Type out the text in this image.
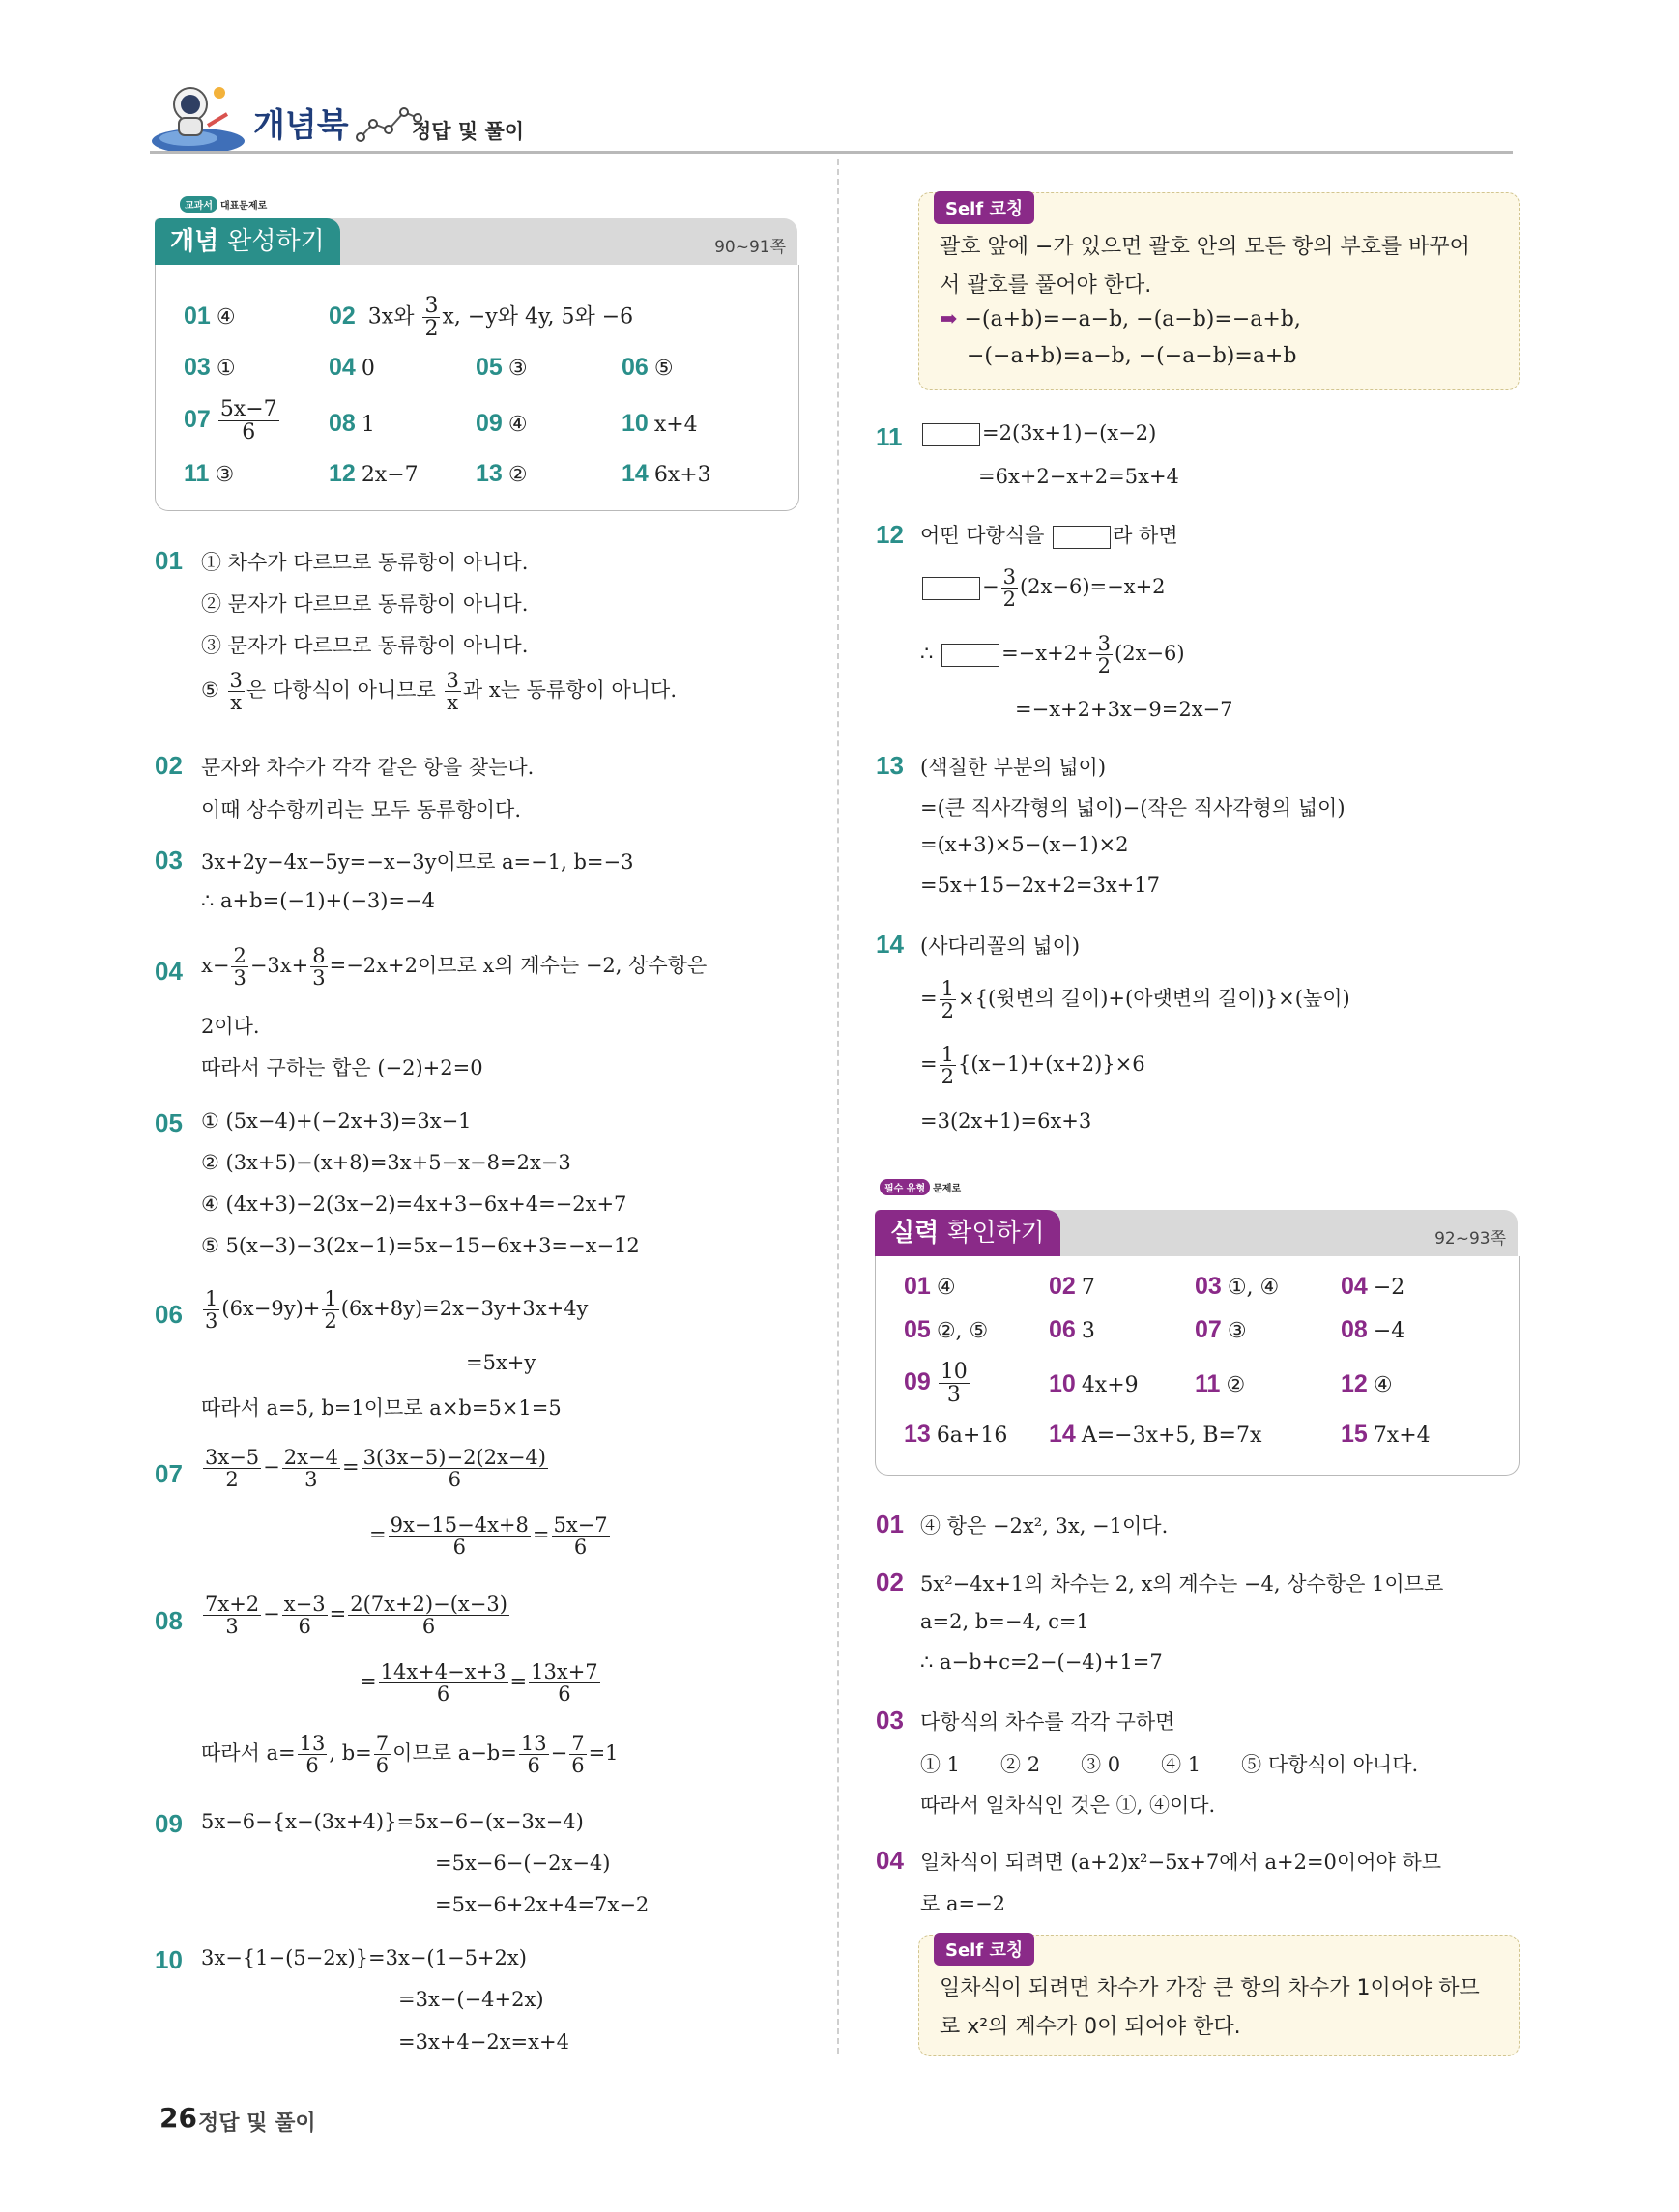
개념북	정답 및 풀이
교과서 대표문제로
개념 완성하기	90~91쪽
01 ④	02 3x와 $\frac{3}{2} x$, −y와 4y, 5와 −6
03 ①	04 0	05 ③	06 ⑤
$07 \frac{5x-7}{6} 08$ 1	09 ④	10 x+4
11 ③	12 2x−7 13 ②	14 6x+3
01 ① 차수가 다르므로 동류항이 아니다.
② 문자가 다르므로 동류항이 아니다.
③ 문자가 다르므로 동류항이 아니다.
⑤ $\frac{3}{x}$ 은 다항식이 아니므로 $\frac{3}{x}$ 과 x는 동류항이 아니다.
02 문자와 차수가 각각 같은 항을 찾는다.
이때 상수항끼리는 모두 동류항이다.
03 3x+2y−4x−5y=−x−3y이므로 a=−1, b=−3
∴ a+b=(−1)+(−3)=−4
04 $x- \frac{2}{3} -3x+ \frac{8}{3} =-2x+2$이므로 x의 계수는 −2, 상수항은
2이다.
따라서 구하는 합은 (−2)+2=0
05 ① (5x−4)+(−2x+3)=3x−1
② (3x+5)−(x+8)=3x+5−x−8=2x−3
④ (4x+3)−2(3x−2)=4x+3−6x+4=−2x+7
⑤ 5(x−3)−3(2x−1)=5x−15−6x+3=−x−12
$06 \frac{1}{3} (6x-9y)+ \frac{1}{2} (6x+8y)=2x-3y+3x+4y$
=5x+y
따라서 a=5, b=1이므로 a×b=5×1=5
$07 \frac{3x-5}{2} - \frac{2x-4}{3} = \frac{3(3x-5)-2(2x-4)}{6}$
= $\frac{9x-15-4x+8}{6} = \frac{5x-7}{6}$
$08 \frac{7x+2}{3} - \frac{x-3}{6} = \frac{2(7x+2)-(x-3)}{6}$
= $\frac{14x+4-x+3}{6} = \frac{13x+7}{6}$
따라서 $a= \frac{13}{6}$ , $b= \frac{7}{6}$ 이므로 $a-b= \frac{13}{6} - \frac{7}{6} =1$
09 5x−6−{x−(3x+4)}=5x−6−(x−3x−4)
=5x−6−(−2x−4)
=5x−6+2x+4=7x−2
10 3x−{1−(5−2x)}=3x−(1−5+2x)
=3x−(−4+2x)
=3x+4−2x=x+4
Self 코칭
괄호 앞에 −가 있으면 괄호 안의 모든 항의 부호를 바꾸어
서 괄호를 풀어야 한다.
➡ −(a+b)=−a−b, −(a−b)=−a+b,
−(−a+b)=a−b, −(−a−b)=a+b
11	=2(3x+1)−(x−2)
=6x+2−x+2=5x+4
12 어떤 다항식을	라 하면
− $\frac{3}{2} (2x-6)=-x+2$
∴	$=-x+2+ \frac{3}{2} (2x-6)$
=−x+2+3x−9=2x−7
13 (색칠한 부분의 넓이)
=(큰 직사각형의 넓이)−(작은 직사각형의 넓이)
=(x+3)×5−(x−1)×2
=5x+15−2x+2=3x+17
14 (사다리꼴의 넓이)
= $\frac{1}{2}$ ×{(윗변의 길이)+(아랫변의 길이)}×(높이)
= $\frac{1}{2} \{(x-1)+(x+2)\}\times 6$
=3(2x+1)=6x+3
필수 유형 문제로
실력 확인하기	92~93쪽
01 ④	02 7	03 ①, ④	04 −2
05 ②, ⑤	06 3	07 ③	08 −4
$09 \frac{10}{3}$	10 4x+9 11 ②	12 ④
13 6a+16 14 A=−3x+5, B=7x	15 7x+4
01 ④ 항은 −2x², 3x, −1이다.
02 5x²−4x+1의 차수는 2, x의 계수는 −4, 상수항은 1이므로
a=2, b=−4, c=1
∴ a−b+c=2−(−4)+1=7
03 다항식의 차수를 각각 구하면
① 1　　② 2　　③ 0　　④ 1　　⑤ 다항식이 아니다.
따라서 일차식인 것은 ①, ④이다.
04 일차식이 되려면 (a+2)x²−5x+7에서 a+2=0이어야 하므
로 a=−2
Self 코칭
일차식이 되려면 차수가 가장 큰 항의 차수가 1이어야 하므
로 x²의 계수가 0이 되어야 한다.
26 정답 및 풀이
